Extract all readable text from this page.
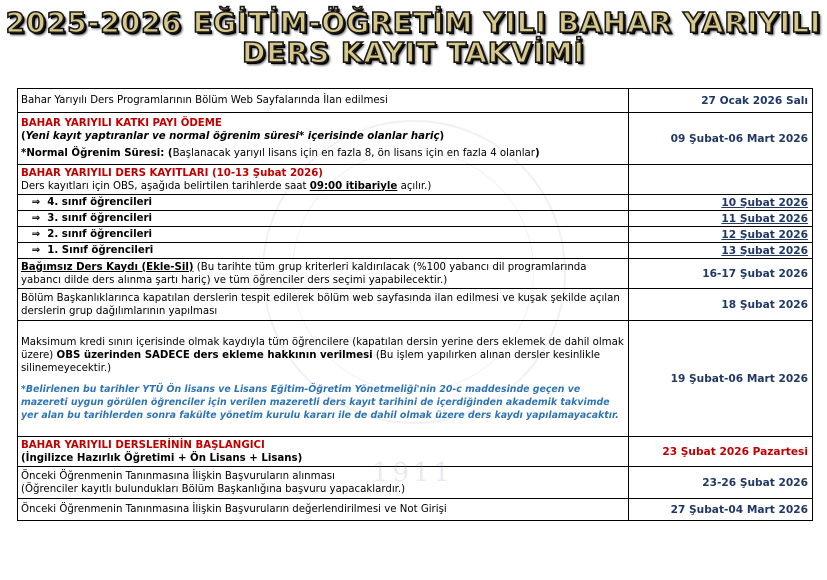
2025-2026 EĞİTİM-ÖĞRETİM YILI BAHAR YARIYILI
DERS KAYIT TAKVİMİ
Bahar Yarıyılı Ders Programlarının Bölüm Web Sayfalarında İlan edilmesi	27 Ocak 2026 Salı

BAHAR YARIYILI KATKI PAYI ÖDEME
(Yeni kayıt yaptıranlar ve normal öğrenim süresi* içerisinde olanlar hariç)
*Normal Öğrenim Süresi: (Başlanacak yarıyıl lisans için en fazla 8, ön lisans için en fazla 4 olanlar)	09 Şubat-06 Mart 2026

BAHAR YARIYILI DERS KAYITLARI (10-13 Şubat 2026)
Ders kayıtları için OBS, aşağıda belirtilen tarihlerde saat 09:00 itibariyle açılır.)	

⇒ 4. sınıf öğrencileri	10 Şubat 2026
⇒ 3. sınıf öğrencileri	11 Şubat 2026
⇒ 2. sınıf öğrencileri	12 Şubat 2026
⇒ 1. Sınıf öğrencileri	13 Şubat 2026
Bağımsız Ders Kaydı (Ekle-Sil) (Bu tarihte tüm grup kriterleri kaldırılacak (%100 yabancı dil programlarında yabancı dilde ders alınma şartı hariç) ve tüm öğrenciler ders seçimi yapabilecektir.)	16-17 Şubat 2026
Bölüm Başkanlıklarınca kapatılan derslerin tespit edilerek bölüm web sayfasında ilan edilmesi ve kuşak şekilde açılan derslerin grup dağılımlarının yapılması	18 Şubat 2026

Maksimum kredi sınırı içerisinde olmak kaydıyla tüm öğrencilere (kapatılan dersin yerine ders eklemek de dahil olmak üzere) OBS üzerinden SADECE ders ekleme hakkının verilmesi (Bu işlem yapılırken alınan dersler kesinlikle silinemeyecektir.)
*Belirlenen bu tarihler YTÜ Ön lisans ve Lisans Eğitim-Öğretim Yönetmeliği'nin 20-c maddesinde geçen ve mazereti uygun görülen öğrenciler için verilen mazeretli ders kayıt tarihini de içerdiğinden akademik takvimde yer alan bu tarihlerden sonra fakülte yönetim kurulu kararı ile de dahil olmak üzere ders kaydı yapılamayacaktır.	19 Şubat-06 Mart 2026

BAHAR YARIYILI DERSLERİNİN BAŞLANGICI
(İngilizce Hazırlık Öğretimi + Ön Lisans + Lisans)	23 Şubat 2026 Pazartesi

Önceki Öğrenmenin Tanınmasına İlişkin Başvuruların alınması
(Öğrenciler kayıtlı bulundukları Bölüm Başkanlığına başvuru yapacaklardır.)	23-26 Şubat 2026
Önceki Öğrenmenin Tanınmasına İlişkin Başvuruların değerlendirilmesi ve Not Girişi	27 Şubat-04 Mart 2026
1911
